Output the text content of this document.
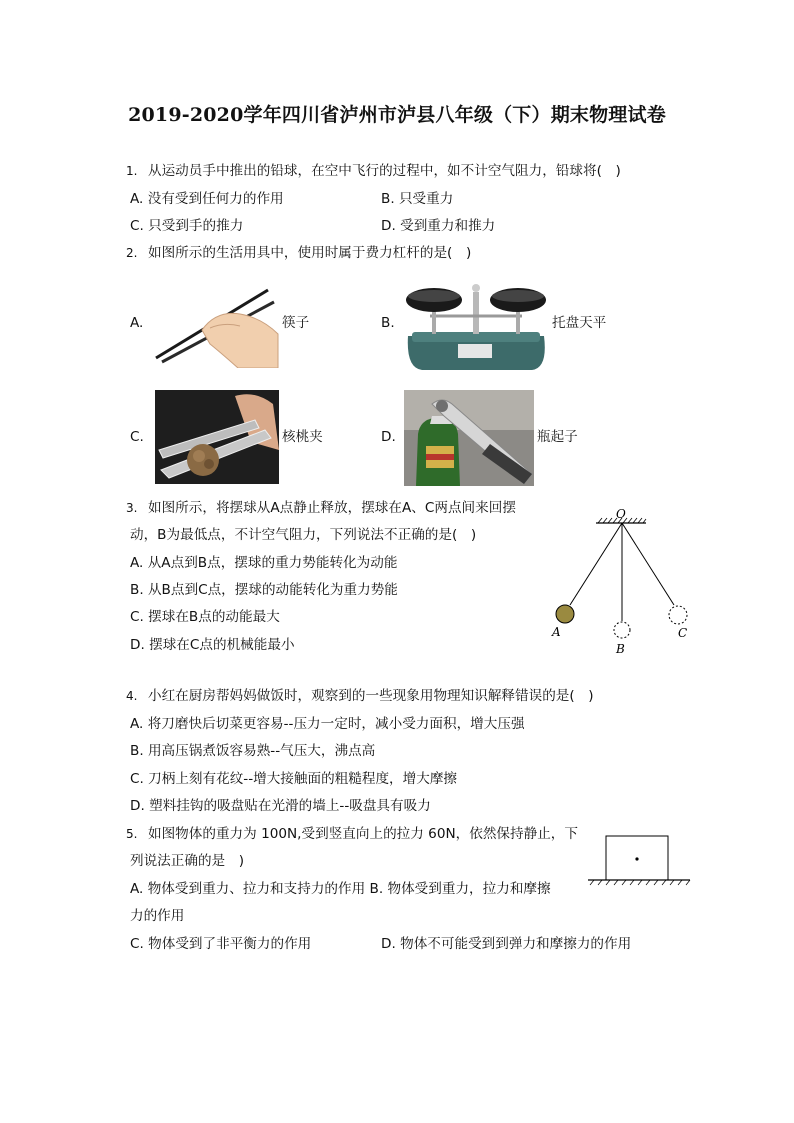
2019-2020学年四川省泸州市泸县八年级（下）期末物理试卷
1. 从运动员手中推出的铅球，在空中飞行的过程中，如不计空气阻力，铅球将(　)
A. 没有受到任何力的作用	B. 只受重力
C. 只受到手的推力	D. 受到重力和推力
2. 如图所示的生活用具中，使用时属于费力杠杆的是(　)
A.	筷子	B.	托盘天平
C.	核桃夹	D.	瓶起子
3. 如图所示，将摆球从A点静止释放，摆球在A、C两点间来回摆
动，B为最低点，不计空气阻力，下列说法不正确的是(　)
A. 从A点到B点，摆球的重力势能转化为动能
B. 从B点到C点，摆球的动能转化为重力势能
C. 摆球在B点的动能最大
D. 摆球在C点的机械能最小
O
A
B
C
4. 小红在厨房帮妈妈做饭时，观察到的一些现象用物理知识解释错误的是(　)
A. 将刀磨快后切菜更容易--压力一定时，减小受力面积，增大压强
B. 用高压锅煮饭容易熟--气压大，沸点高
C. 刀柄上刻有花纹--增大接触面的粗糙程度，增大摩擦
D. 塑料挂钩的吸盘贴在光滑的墙上--吸盘具有吸力
5. 如图物体的重力为 100N,受到竖直向上的拉力 60N，依然保持静止，下
列说法正确的是　)
A. 物体受到重力、拉力和支持力的作用 B. 物体受到重力，拉力和摩擦
力的作用
C. 物体受到了非平衡力的作用	D. 物体不可能受到到弹力和摩擦力的作用
